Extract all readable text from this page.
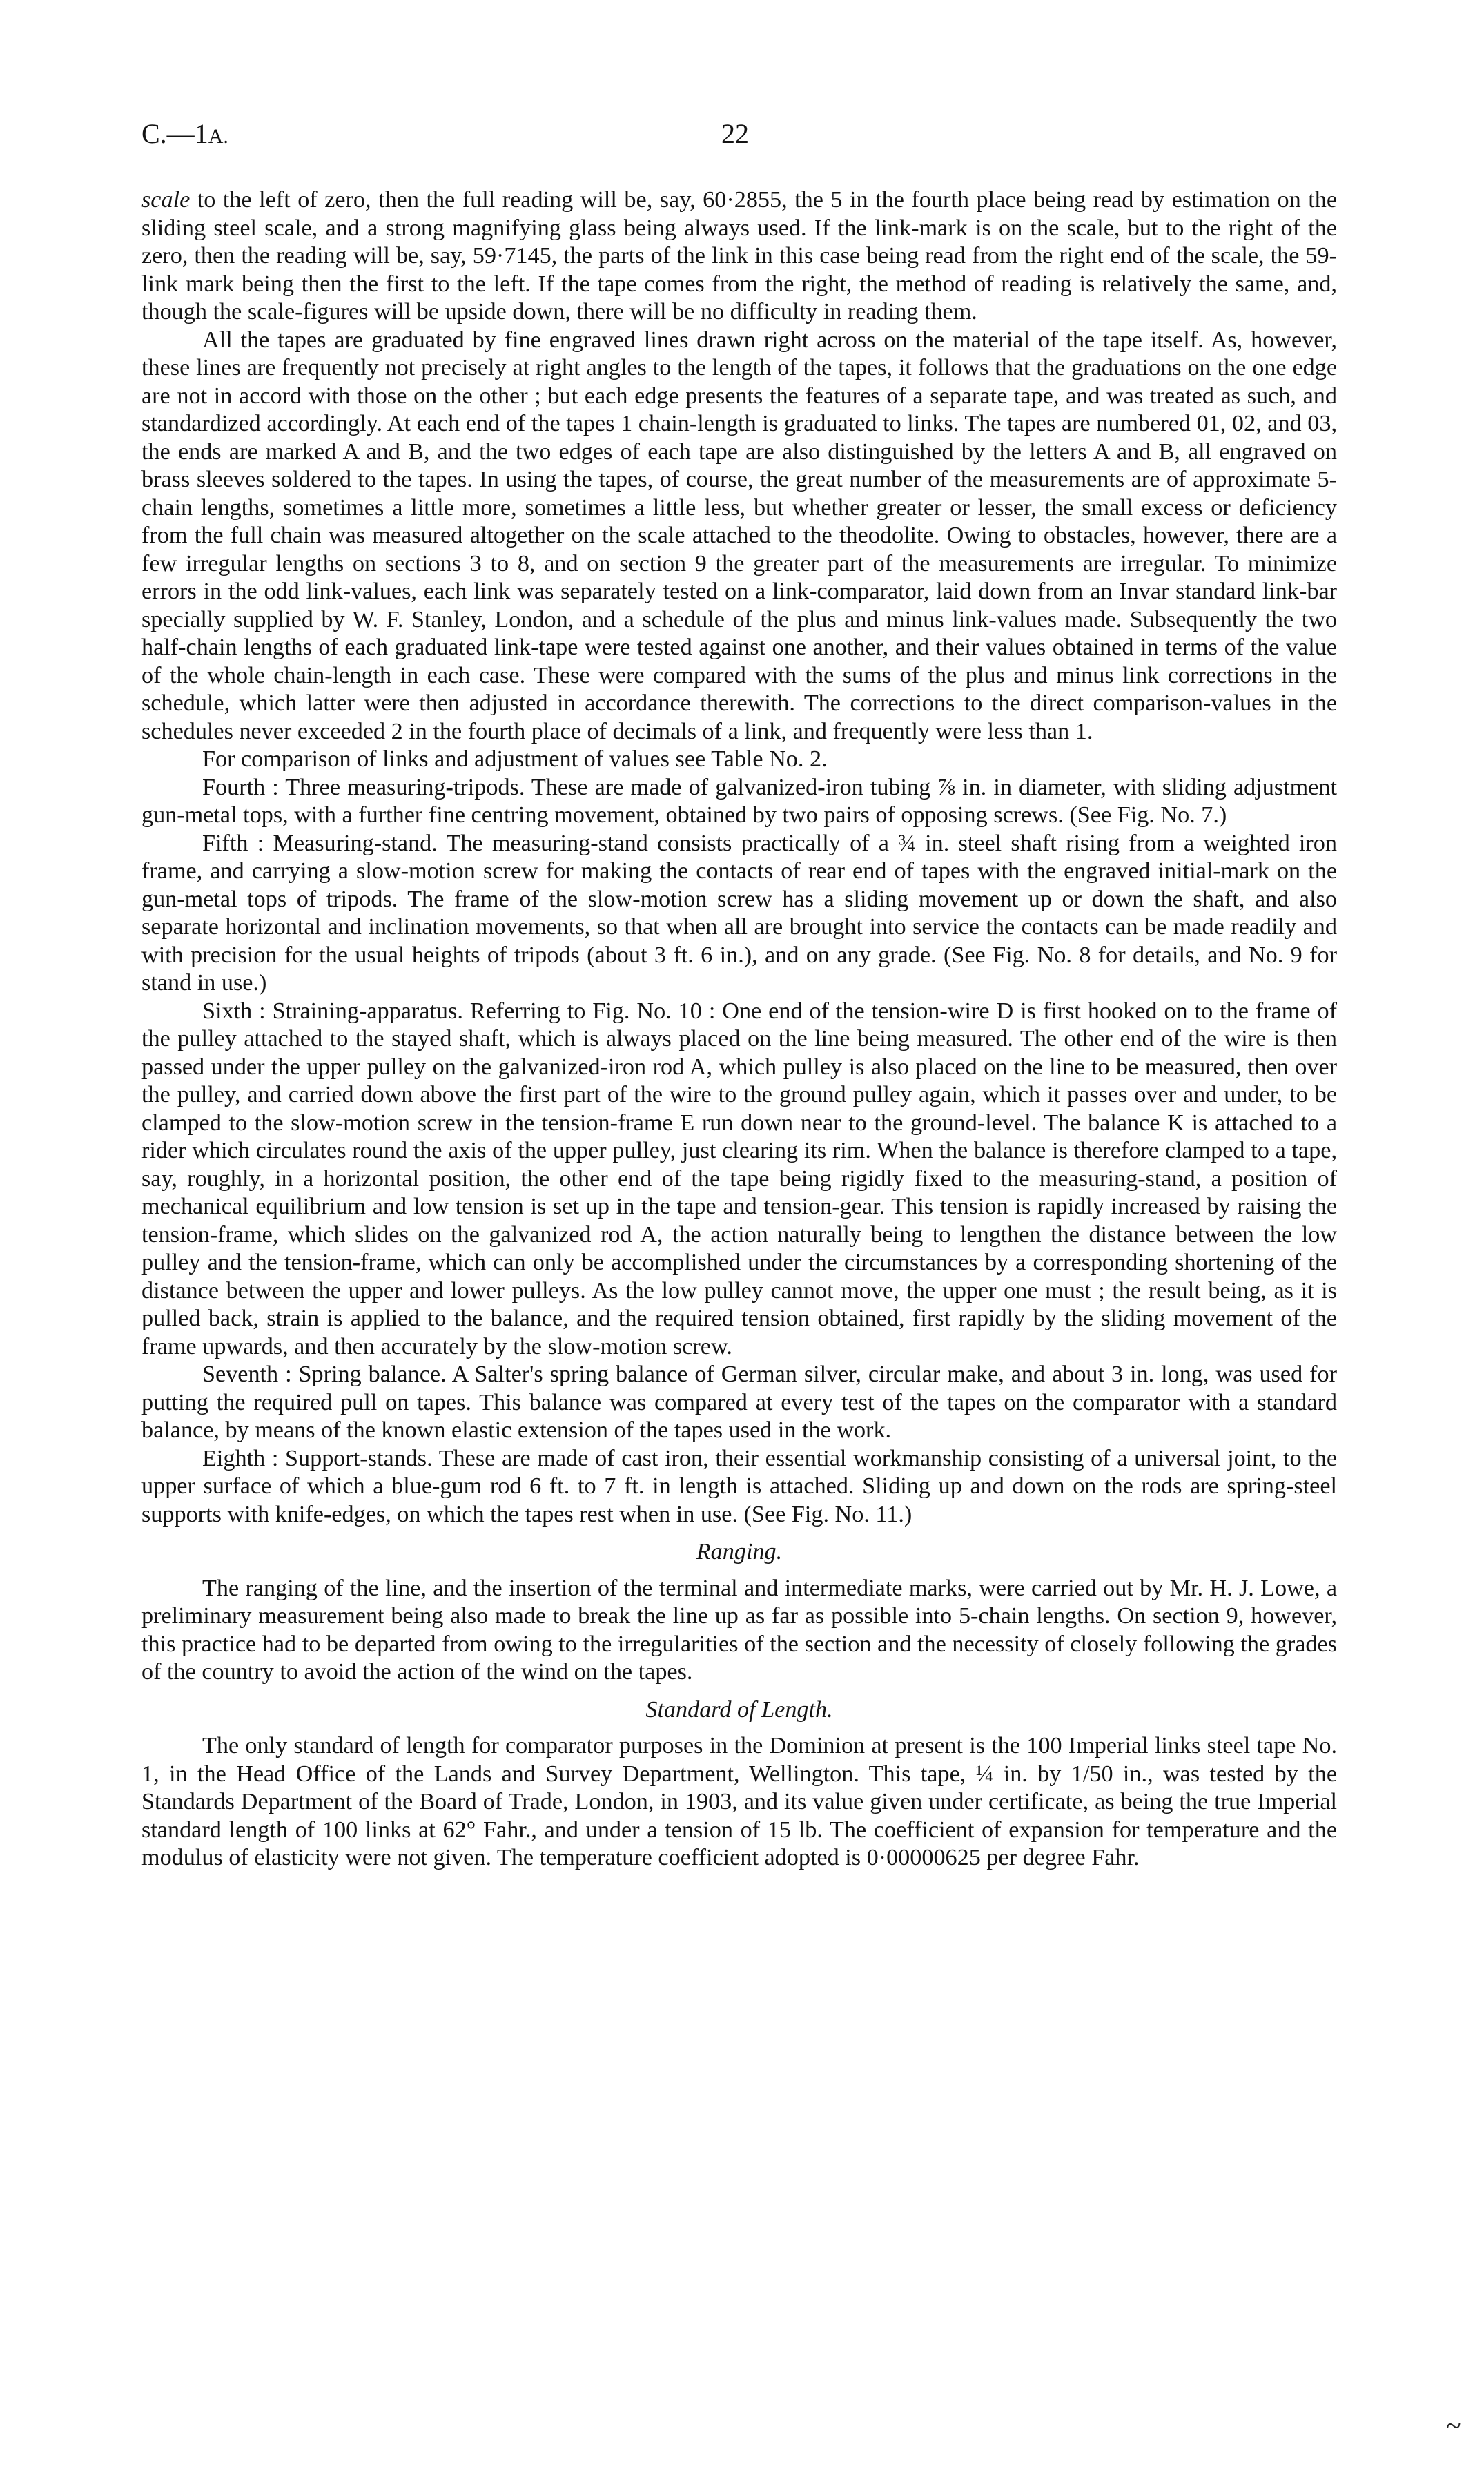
C.—1A.	22

scale to the left of zero, then the full reading will be, say, 60·2855, the 5 in the fourth place being read by estimation on the sliding steel scale, and a strong magnifying glass being always used. If the link-mark is on the scale, but to the right of the zero, then the reading will be, say, 59·7145, the parts of the link in this case being read from the right end of the scale, the 59-link mark being then the first to the left. If the tape comes from the right, the method of reading is relatively the same, and, though the scale-figures will be upside down, there will be no difficulty in reading them.

All the tapes are graduated by fine engraved lines drawn right across on the material of the tape itself. As, however, these lines are frequently not precisely at right angles to the length of the tapes, it follows that the graduations on the one edge are not in accord with those on the other ; but each edge presents the features of a separate tape, and was treated as such, and standardized accordingly. At each end of the tapes 1 chain-length is graduated to links. The tapes are numbered 01, 02, and 03, the ends are marked A and B, and the two edges of each tape are also distinguished by the letters A and B, all engraved on brass sleeves soldered to the tapes. In using the tapes, of course, the great number of the measurements are of approximate 5-chain lengths, sometimes a little more, sometimes a little less, but whether greater or lesser, the small excess or deficiency from the full chain was measured altogether on the scale attached to the theodolite. Owing to obstacles, however, there are a few irregular lengths on sections 3 to 8, and on section 9 the greater part of the measurements are irregular. To minimize errors in the odd link-values, each link was separately tested on a link-comparator, laid down from an Invar standard link-bar specially supplied by W. F. Stanley, London, and a schedule of the plus and minus link-values made. Subsequently the two half-chain lengths of each graduated link-tape were tested against one another, and their values obtained in terms of the value of the whole chain-length in each case. These were compared with the sums of the plus and minus link corrections in the schedule, which latter were then adjusted in accordance therewith. The corrections to the direct comparison-values in the schedules never exceeded 2 in the fourth place of decimals of a link, and frequently were less than 1.

For comparison of links and adjustment of values see Table No. 2.

Fourth : Three measuring-tripods. These are made of galvanized-iron tubing ⅞ in. in diameter, with sliding adjustment gun-metal tops, with a further fine centring movement, obtained by two pairs of opposing screws. (See Fig. No. 7.)

Fifth : Measuring-stand. The measuring-stand consists practically of a ¾ in. steel shaft rising from a weighted iron frame, and carrying a slow-motion screw for making the contacts of rear end of tapes with the engraved initial-mark on the gun-metal tops of tripods. The frame of the slow-motion screw has a sliding movement up or down the shaft, and also separate horizontal and inclination movements, so that when all are brought into service the contacts can be made readily and with precision for the usual heights of tripods (about 3 ft. 6 in.), and on any grade. (See Fig. No. 8 for details, and No. 9 for stand in use.)

Sixth : Straining-apparatus. Referring to Fig. No. 10 : One end of the tension-wire D is first hooked on to the frame of the pulley attached to the stayed shaft, which is always placed on the line being measured. The other end of the wire is then passed under the upper pulley on the galvanized-iron rod A, which pulley is also placed on the line to be measured, then over the pulley, and carried down above the first part of the wire to the ground pulley again, which it passes over and under, to be clamped to the slow-motion screw in the tension-frame E run down near to the ground-level. The balance K is attached to a rider which circulates round the axis of the upper pulley, just clearing its rim. When the balance is therefore clamped to a tape, say, roughly, in a horizontal position, the other end of the tape being rigidly fixed to the measuring-stand, a position of mechanical equilibrium and low tension is set up in the tape and tension-gear. This tension is rapidly increased by raising the tension-frame, which slides on the galvanized rod A, the action naturally being to lengthen the distance between the low pulley and the tension-frame, which can only be accomplished under the circumstances by a corresponding shortening of the distance between the upper and lower pulleys. As the low pulley cannot move, the upper one must ; the result being, as it is pulled back, strain is applied to the balance, and the required tension obtained, first rapidly by the sliding movement of the frame upwards, and then accurately by the slow-motion screw.

Seventh : Spring balance. A Salter's spring balance of German silver, circular make, and about 3 in. long, was used for putting the required pull on tapes. This balance was compared at every test of the tapes on the comparator with a standard balance, by means of the known elastic extension of the tapes used in the work.

Eighth : Support-stands. These are made of cast iron, their essential workmanship consisting of a universal joint, to the upper surface of which a blue-gum rod 6 ft. to 7 ft. in length is attached. Sliding up and down on the rods are spring-steel supports with knife-edges, on which the tapes rest when in use. (See Fig. No. 11.)

Ranging.

The ranging of the line, and the insertion of the terminal and intermediate marks, were carried out by Mr. H. J. Lowe, a preliminary measurement being also made to break the line up as far as possible into 5-chain lengths. On section 9, however, this practice had to be departed from owing to the irregularities of the section and the necessity of closely following the grades of the country to avoid the action of the wind on the tapes.

Standard of Length.

The only standard of length for comparator purposes in the Dominion at present is the 100 Imperial links steel tape No. 1, in the Head Office of the Lands and Survey Department, Wellington. This tape, ¼ in. by 1/50 in., was tested by the Standards Department of the Board of Trade, London, in 1903, and its value given under certificate, as being the true Imperial standard length of 100 links at 62° Fahr., and under a tension of 15 lb. The coefficient of expansion for temperature and the modulus of elasticity were not given. The temperature coefficient adopted is 0·00000625 per degree Fahr.

~
